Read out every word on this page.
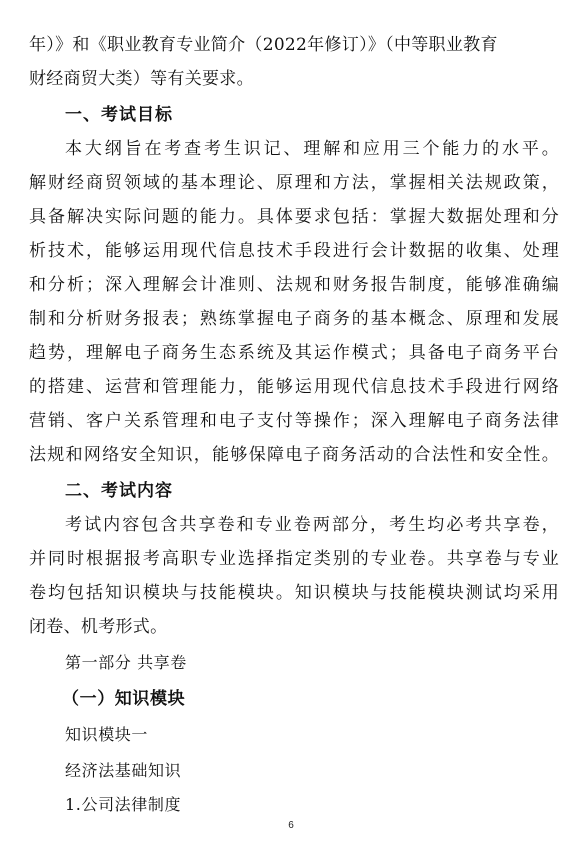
年）》和《职业教育专业简介（2022年修订）》（中等职业教育
财经商贸大类）等有关要求。
一、考试目标
本大纲旨在考查考生识记、理解和应用三个能力的水平。
解财经商贸领域的基本理论、原理和方法，掌握相关法规政策，
具备解决实际问题的能力。具体要求包括：掌握大数据处理和分
析技术，能够运用现代信息技术手段进行会计数据的收集、处理
和分析；深入理解会计准则、法规和财务报告制度，能够准确编
制和分析财务报表；熟练掌握电子商务的基本概念、原理和发展
趋势，理解电子商务生态系统及其运作模式；具备电子商务平台
的搭建、运营和管理能力，能够运用现代信息技术手段进行网络
营销、客户关系管理和电子支付等操作；深入理解电子商务法律
法规和网络安全知识，能够保障电子商务活动的合法性和安全性。
二、考试内容
考试内容包含共享卷和专业卷两部分，考生均必考共享卷，
并同时根据报考高职专业选择指定类别的专业卷。共享卷与专业
卷均包括知识模块与技能模块。知识模块与技能模块测试均采用
闭卷、机考形式。
第一部分 共享卷
（一）知识模块
知识模块一
经济法基础知识
1.公司法律制度
6
